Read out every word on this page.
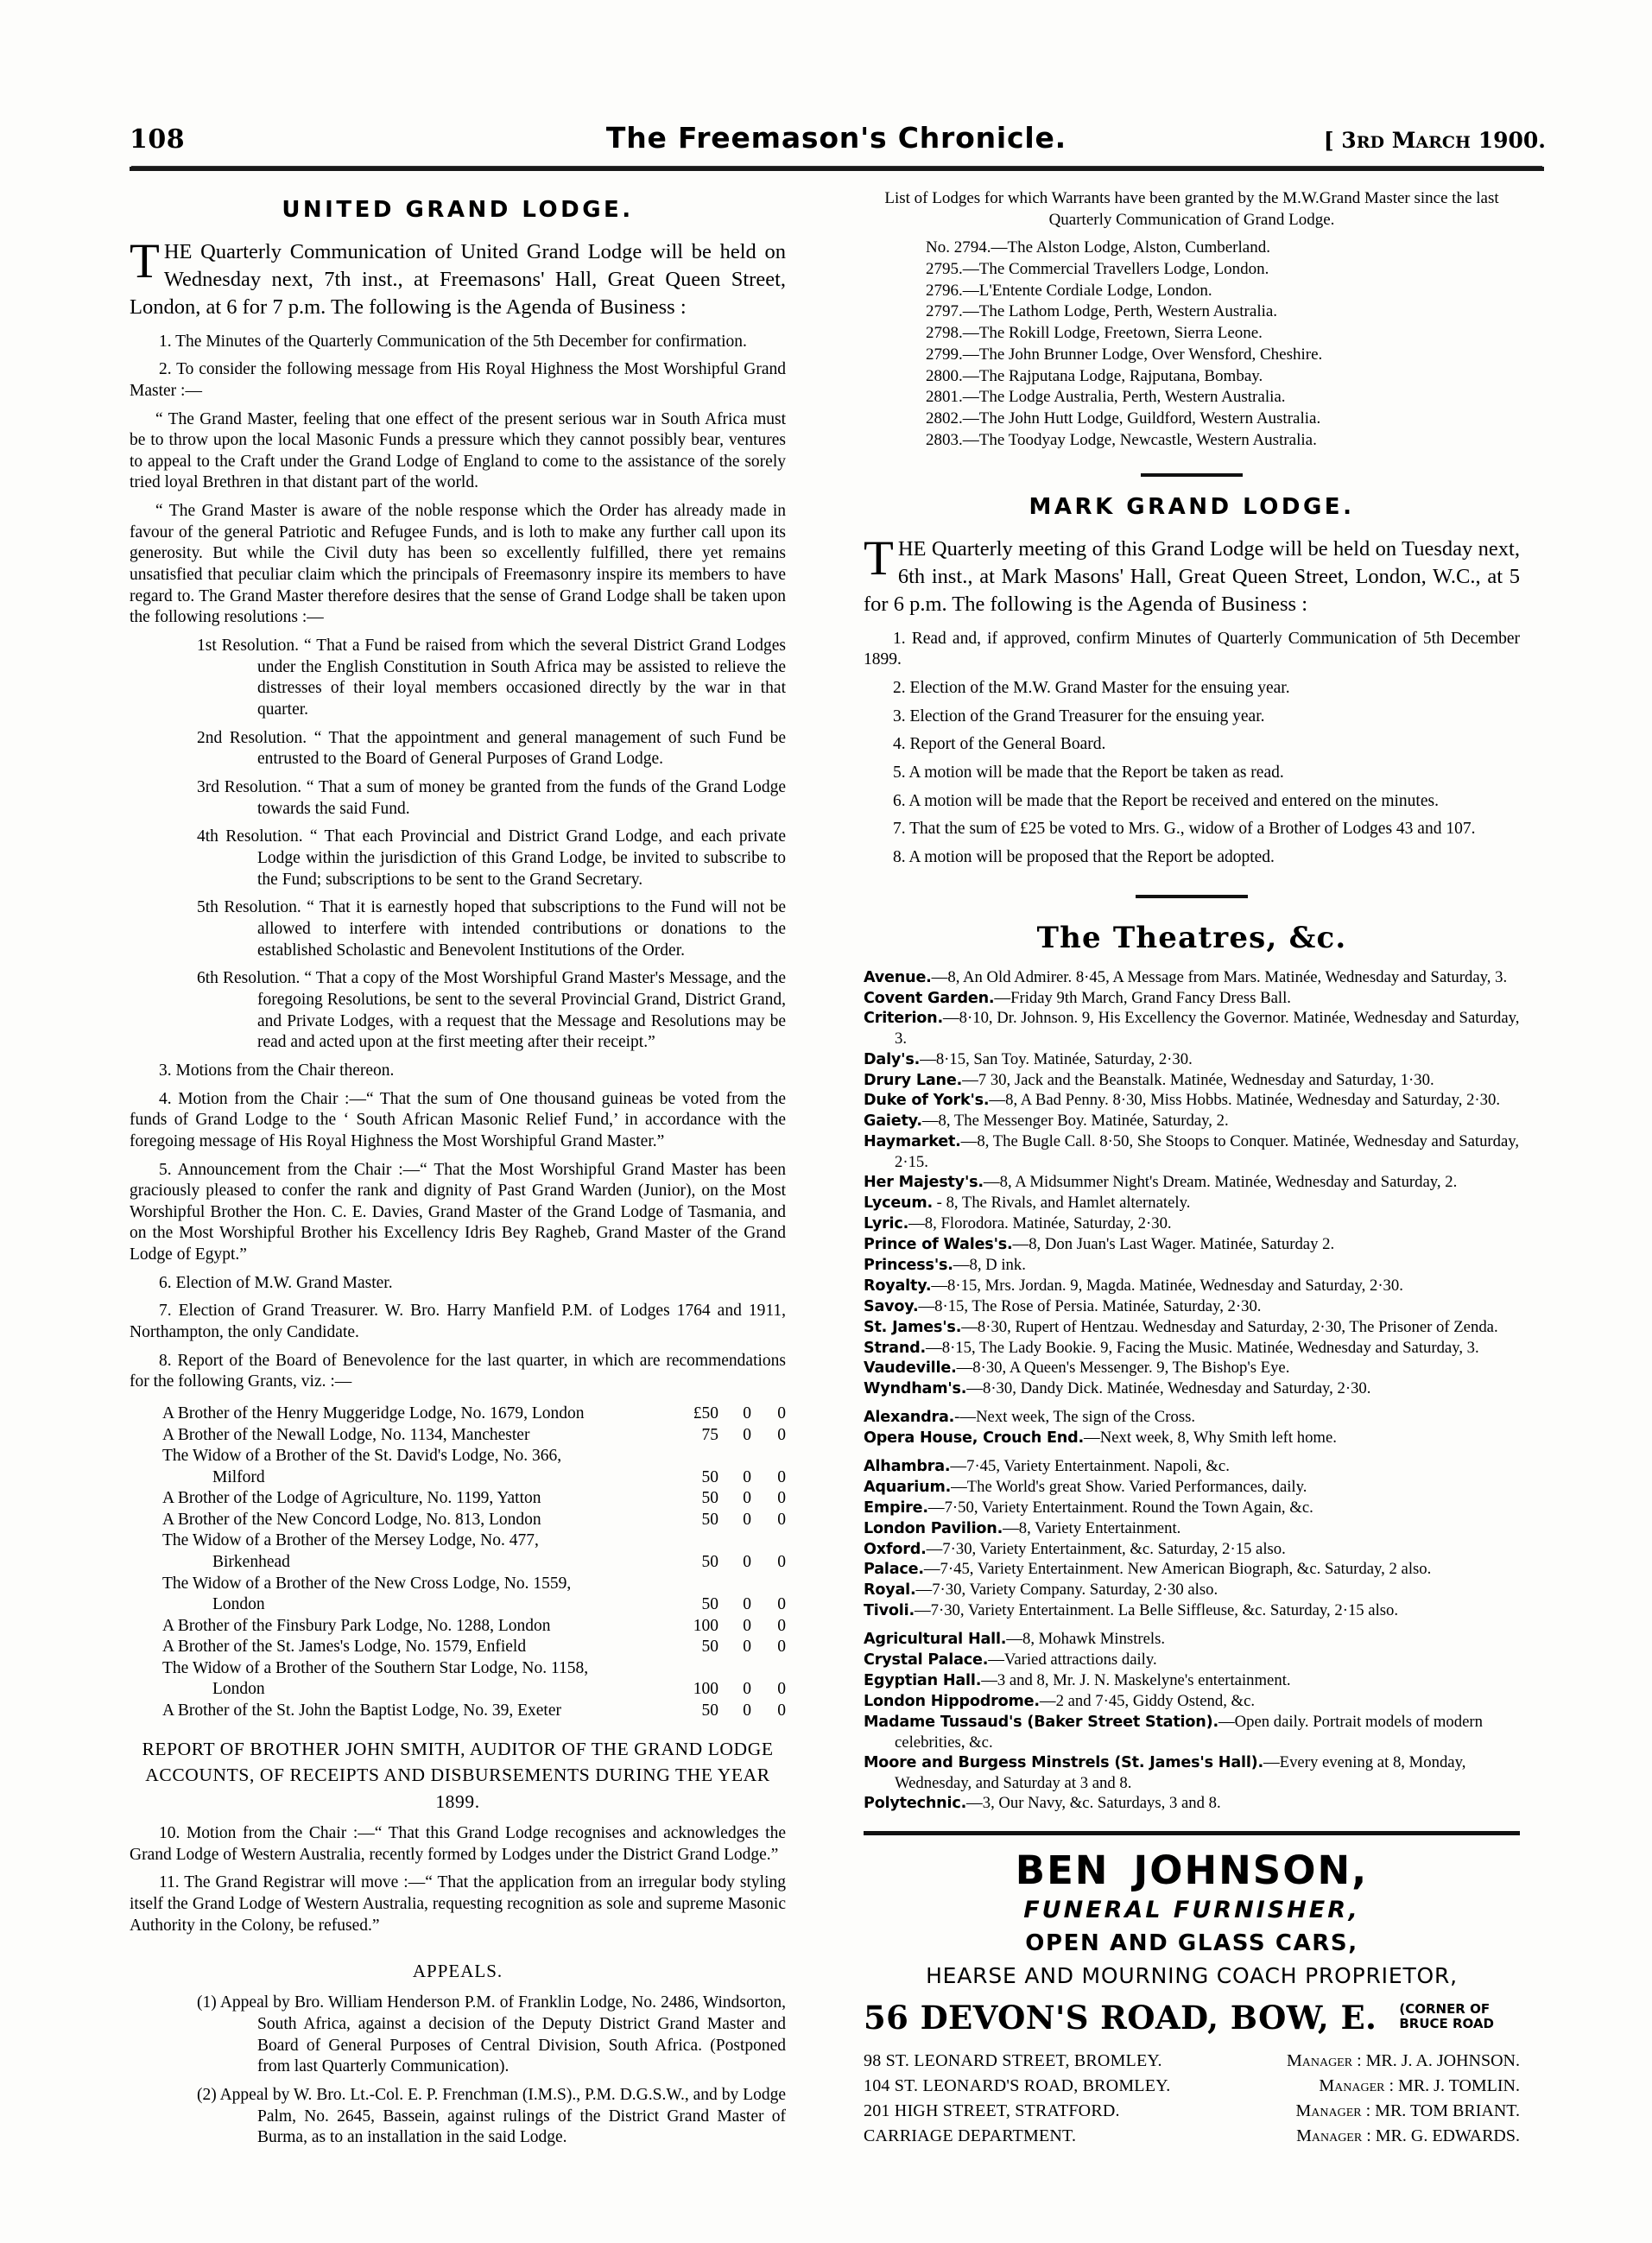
108	The Freemason's Chronicle.	[ 3RD MARCH 1900.
UNITED GRAND LODGE.

THE Quarterly Communication of United Grand Lodge will be held on Wednesday next, 7th inst., at Freemasons' Hall, Great Queen Street, London, at 6 for 7 p.m. The following is the Agenda of Business :

1. The Minutes of the Quarterly Communication of the 5th December for confirmation.

2. To consider the following message from His Royal Highness the Most Worshipful Grand Master :—

“ The Grand Master, feeling that one effect of the present serious war in South Africa must be to throw upon the local Masonic Funds a pressure which they cannot possibly bear, ventures to appeal to the Craft under the Grand Lodge of England to come to the assistance of the sorely tried loyal Brethren in that distant part of the world.

“ The Grand Master is aware of the noble response which the Order has already made in favour of the general Patriotic and Refugee Funds, and is loth to make any further call upon its generosity. But while the Civil duty has been so excellently fulfilled, there yet remains unsatisfied that peculiar claim which the principals of Freemasonry inspire its members to have regard to. The Grand Master therefore desires that the sense of Grand Lodge shall be taken upon the following resolutions :—

1st Resolution. “ That a Fund be raised from which the several District Grand Lodges under the English Constitution in South Africa may be assisted to relieve the distresses of their loyal members occasioned directly by the war in that quarter.
2nd Resolution. “ That the appointment and general management of such Fund be entrusted to the Board of General Purposes of Grand Lodge.
3rd Resolution. “ That a sum of money be granted from the funds of the Grand Lodge towards the said Fund.
4th Resolution. “ That each Provincial and District Grand Lodge, and each private Lodge within the jurisdiction of this Grand Lodge, be invited to subscribe to the Fund; subscriptions to be sent to the Grand Secretary.
5th Resolution. “ That it is earnestly hoped that subscriptions to the Fund will not be allowed to interfere with intended contributions or donations to the established Scholastic and Benevolent Institutions of the Order.
6th Resolution. “ That a copy of the Most Worshipful Grand Master's Message, and the foregoing Resolutions, be sent to the several Provincial Grand, District Grand, and Private Lodges, with a request that the Message and Resolutions may be read and acted upon at the first meeting after their receipt.”

3. Motions from the Chair thereon.

4. Motion from the Chair :—“ That the sum of One thousand guineas be voted from the funds of Grand Lodge to the ‘ South African Masonic Relief Fund,’ in accordance with the foregoing message of His Royal Highness the Most Worshipful Grand Master.”

5. Announcement from the Chair :—“ That the Most Worshipful Grand Master has been graciously pleased to confer the rank and dignity of Past Grand Warden (Junior), on the Most Worshipful Brother the Hon. C. E. Davies, Grand Master of the Grand Lodge of Tasmania, and on the Most Worshipful Brother his Excellency Idris Bey Ragheb, Grand Master of the Grand Lodge of Egypt.”

6. Election of M.W. Grand Master.

7. Election of Grand Treasurer. W. Bro. Harry Manfield P.M. of Lodges 1764 and 1911, Northampton, the only Candidate.

8. Report of the Board of Benevolence for the last quarter, in which are recommendations for the following Grants, viz. :—

A Brother of the Henry Muggeridge Lodge, No. 1679, London	£50	0	0
A Brother of the Newall Lodge, No. 1134, Manchester	75	0	0
The Widow of a Brother of the St. David's Lodge, No. 366,
Milford	50	0	0
A Brother of the Lodge of Agriculture, No. 1199, Yatton	50	0	0
A Brother of the New Concord Lodge, No. 813, London	50	0	0
The Widow of a Brother of the Mersey Lodge, No. 477,
Birkenhead	50	0	0
The Widow of a Brother of the New Cross Lodge, No. 1559,
London	50	0	0
A Brother of the Finsbury Park Lodge, No. 1288, London	100	0	0
A Brother of the St. James's Lodge, No. 1579, Enfield	50	0	0
The Widow of a Brother of the Southern Star Lodge, No. 1158,
London	100	0	0
A Brother of the St. John the Baptist Lodge, No. 39, Exeter	50	0	0
REPORT OF BROTHER JOHN SMITH, AUDITOR OF THE GRAND LODGE ACCOUNTS, OF RECEIPTS AND DISBURSEMENTS DURING THE YEAR 1899.

10. Motion from the Chair :—“ That this Grand Lodge recognises and acknowledges the Grand Lodge of Western Australia, recently formed by Lodges under the District Grand Lodge.”

11. The Grand Registrar will move :—“ That the application from an irregular body styling itself the Grand Lodge of Western Australia, requesting recognition as sole and supreme Masonic Authority in the Colony, be refused.”

APPEALS.
(1) Appeal by Bro. William Henderson P.M. of Franklin Lodge, No. 2486, Windsorton, South Africa, against a decision of the Deputy District Grand Master and Board of General Purposes of Central Division, South Africa. (Postponed from last Quarterly Communication).
(2) Appeal by W. Bro. Lt.-Col. E. P. Frenchman (I.M.S)., P.M. D.G.S.W., and by Lodge Palm, No. 2645, Bassein, against rulings of the District Grand Master of Burma, as to an installation in the said Lodge.
List of Lodges for which Warrants have been granted by the M.W.Grand Master since the last Quarterly Communication of Grand Lodge.
No. 2794.—The Alston Lodge, Alston, Cumberland.
2795.—The Commercial Travellers Lodge, London.
2796.—L'Entente Cordiale Lodge, London.
2797.—The Lathom Lodge, Perth, Western Australia.
2798.—The Rokill Lodge, Freetown, Sierra Leone.
2799.—The John Brunner Lodge, Over Wensford, Cheshire.
2800.—The Rajputana Lodge, Rajputana, Bombay.
2801.—The Lodge Australia, Perth, Western Australia.
2802.—The John Hutt Lodge, Guildford, Western Australia.
2803.—The Toodyay Lodge, Newcastle, Western Australia.
MARK GRAND LODGE.

THE Quarterly meeting of this Grand Lodge will be held on Tuesday next, 6th inst., at Mark Masons' Hall, Great Queen Street, London, W.C., at 5 for 6 p.m. The following is the Agenda of Business :

1. Read and, if approved, confirm Minutes of Quarterly Communication of 5th December 1899.

2. Election of the M.W. Grand Master for the ensuing year.

3. Election of the Grand Treasurer for the ensuing year.

4. Report of the General Board.

5. A motion will be made that the Report be taken as read.

6. A motion will be made that the Report be received and entered on the minutes.

7. That the sum of £25 be voted to Mrs. G., widow of a Brother of Lodges 43 and 107.

8. A motion will be proposed that the Report be adopted.

The Theatres, &c.
Avenue.—8, An Old Admirer. 8·45, A Message from Mars. Matinée, Wednesday and Saturday, 3.
Covent Garden.—Friday 9th March, Grand Fancy Dress Ball.
Criterion.—8·10, Dr. Johnson. 9, His Excellency the Governor. Matinée, Wednesday and Saturday, 3.
Daly's.—8·15, San Toy. Matinée, Saturday, 2·30.
Drury Lane.—7 30, Jack and the Beanstalk. Matinée, Wednesday and Saturday, 1·30.
Duke of York's.—8, A Bad Penny. 8·30, Miss Hobbs. Matinée, Wednesday and Saturday, 2·30.
Gaiety.—8, The Messenger Boy. Matinée, Saturday, 2.
Haymarket.—8, The Bugle Call. 8·50, She Stoops to Conquer. Matinée, Wednesday and Saturday, 2·15.
Her Majesty's.—8, A Midsummer Night's Dream. Matinée, Wednesday and Saturday, 2.
Lyceum. - 8, The Rivals, and Hamlet alternately.
Lyric.—8, Florodora. Matinée, Saturday, 2·30.
Prince of Wales's.—8, Don Juan's Last Wager. Matinée, Saturday 2.
Princess's.—8, D ink.
Royalty.—8·15, Mrs. Jordan. 9, Magda. Matinée, Wednesday and Saturday, 2·30.
Savoy.—8·15, The Rose of Persia. Matinée, Saturday, 2·30.
St. James's.—8·30, Rupert of Hentzau. Wednesday and Saturday, 2·30, The Prisoner of Zenda.
Strand.—8·15, The Lady Bookie. 9, Facing the Music. Matinée, Wednesday and Saturday, 3.
Vaudeville.—8·30, A Queen's Messenger. 9, The Bishop's Eye.
Wyndham's.—8·30, Dandy Dick. Matinée, Wednesday and Saturday, 2·30.
Alexandra.-—Next week, The sign of the Cross.
Opera House, Crouch End.—Next week, 8, Why Smith left home.
Alhambra.—7·45, Variety Entertainment. Napoli, &c.
Aquarium.—The World's great Show. Varied Performances, daily.
Empire.—7·50, Variety Entertainment. Round the Town Again, &c.
London Pavilion.—8, Variety Entertainment.
Oxford.—7·30, Variety Entertainment, &c. Saturday, 2·15 also.
Palace.—7·45, Variety Entertainment. New American Biograph, &c. Saturday, 2 also.
Royal.—7·30, Variety Company. Saturday, 2·30 also.
Tivoli.—7·30, Variety Entertainment. La Belle Siffleuse, &c. Saturday, 2·15 also.
Agricultural Hall.—8, Mohawk Minstrels.
Crystal Palace.—Varied attractions daily.
Egyptian Hall.—3 and 8, Mr. J. N. Maskelyne's entertainment.
London Hippodrome.—2 and 7·45, Giddy Ostend, &c.
Madame Tussaud's (Baker Street Station).—Open daily. Portrait models of modern celebrities, &c.
Moore and Burgess Minstrels (St. James's Hall).—Every evening at 8, Monday, Wednesday, and Saturday at 3 and 8.
Polytechnic.—3, Our Navy, &c. Saturdays, 3 and 8.
BEN JOHNSON,
FUNERAL FURNISHER,
OPEN AND GLASS CARS,
HEARSE AND MOURNING COACH PROPRIETOR,
56 DEVON'S ROAD, BOW, E. (CORNER OF
BRUCE ROAD
98 ST. LEONARD STREET, BROMLEY.	Manager : MR. J. A. JOHNSON.
104 ST. LEONARD'S ROAD, BROMLEY.	Manager : MR. J. TOMLIN.
201 HIGH STREET, STRATFORD.	Manager : MR. TOM BRIANT.
CARRIAGE DEPARTMENT.	Manager : MR. G. EDWARDS.
